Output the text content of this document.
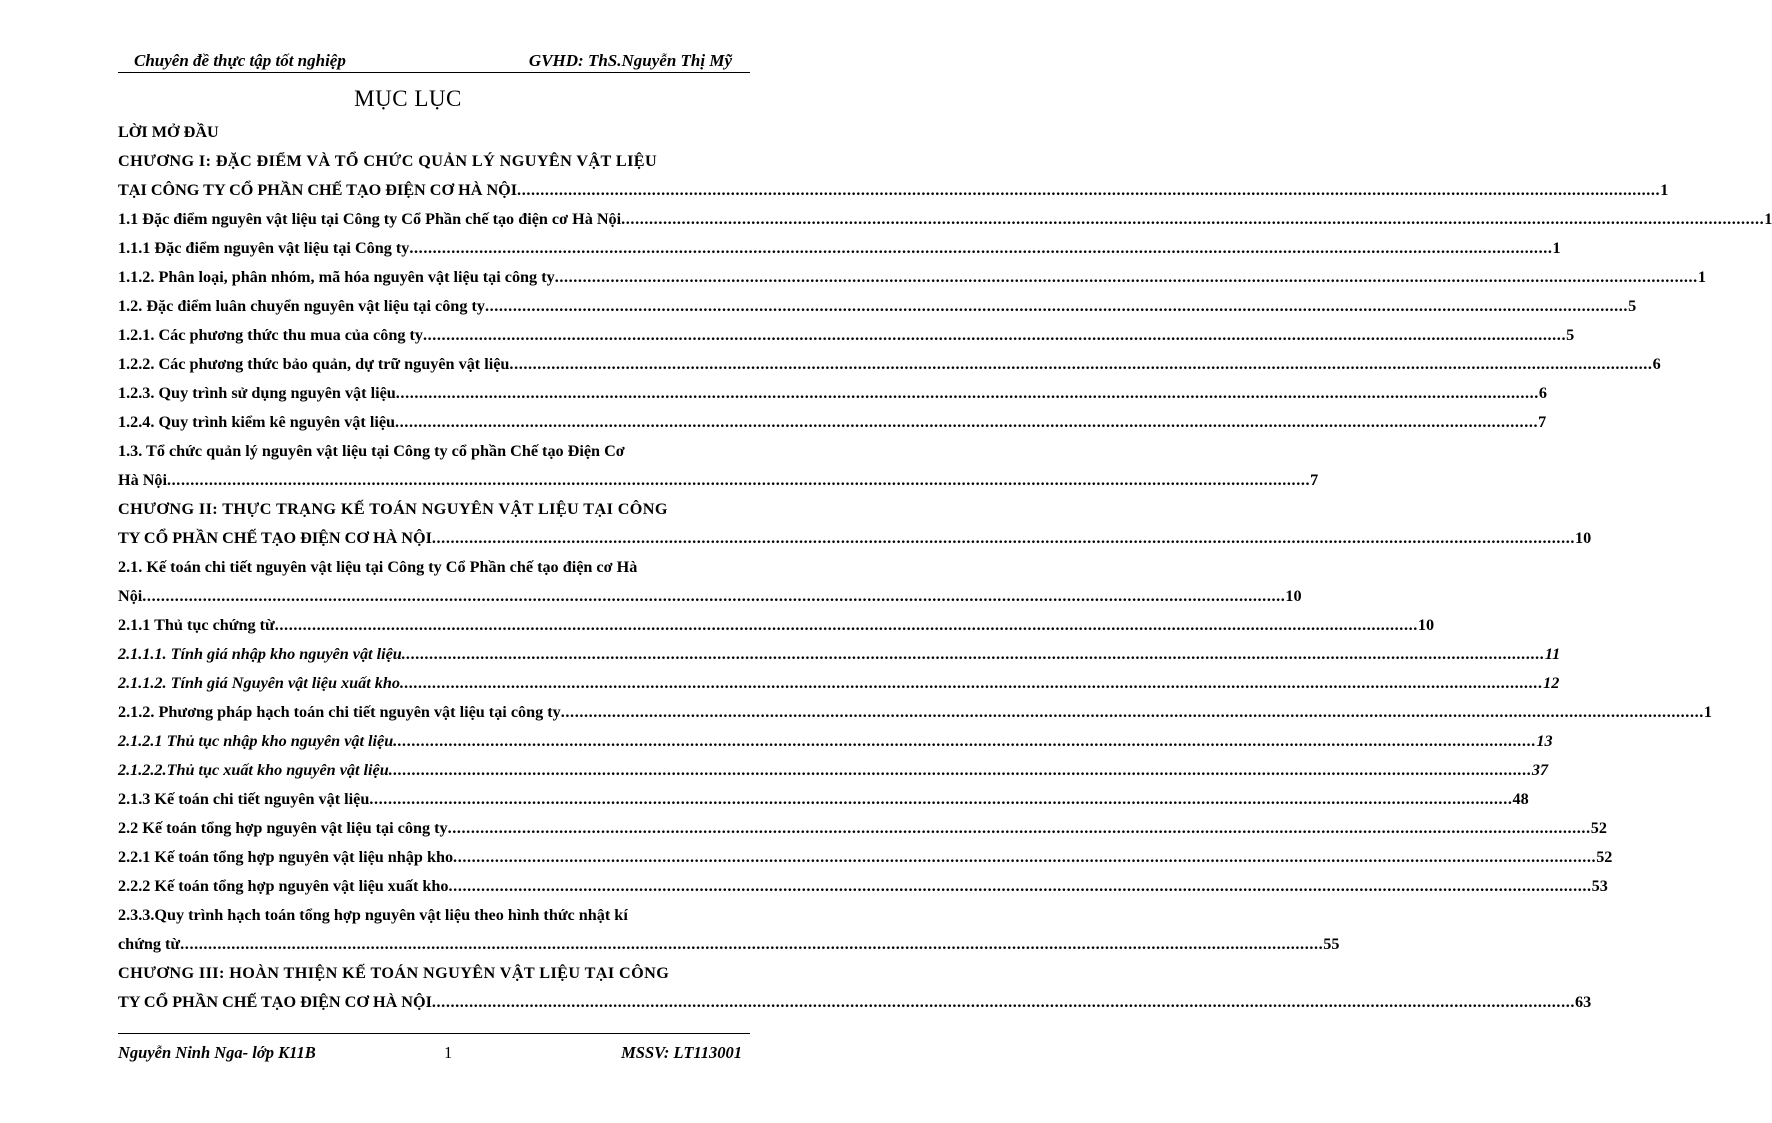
Chuyên đề thực tập tốt nghiệp	GVHD: ThS.Nguyễn Thị Mỹ
MỤC LỤC
LỜI MỞ ĐẦU
CHƯƠNG I: ĐẶC ĐIỂM VÀ TỔ CHỨC QUẢN LÝ NGUYÊN VẬT LIỆU
TẠI CÔNG TY CỔ PHẦN CHẾ TẠO ĐIỆN CƠ HÀ NỘI .....	1
1.1 Đặc điểm nguyên vật liệu tại Công ty Cổ Phần chế tạo điện cơ Hà Nội .....	1
1.1.1 Đặc điểm nguyên vật liệu tại Công ty .....	1
1.1.2. Phân loại, phân nhóm, mã hóa nguyên vật liệu tại công ty .....	1
1.2. Đặc điểm luân chuyển nguyên vật liệu tại công ty .....	5
1.2.1. Các phương thức thu mua của công ty .....	5
1.2.2. Các phương thức bảo quản, dự trữ nguyên vật liệu .....	6
1.2.3. Quy trình sử dụng nguyên vật liệu .....	6
1.2.4. Quy trình kiểm kê nguyên vật liệu .....	7
1.3. Tổ chức quản lý nguyên vật liệu tại Công ty cổ phần Chế tạo Điện Cơ
Hà Nội .....	7
CHƯƠNG II: THỰC TRẠNG KẾ TOÁN NGUYÊN VẬT LIỆU TẠI CÔNG
TY CỔ PHẦN CHẾ TẠO ĐIỆN CƠ HÀ NỘI .....	10
2.1. Kế toán chi tiết nguyên vật liệu tại Công ty Cổ Phần chế tạo điện cơ Hà
Nội .....	10
2.1.1 Thủ tục chứng từ .....	10
2.1.1.1. Tính giá nhập kho nguyên vật liệu .....	11
2.1.1.2. Tính giá Nguyên vật liệu xuất kho .....	12
2.1.2. Phương pháp hạch toán chi tiết nguyên vật liệu tại công ty .....	1
2.1.2.1 Thủ tục nhập kho nguyên vật liệu .....	13
2.1.2.2.Thủ tục xuất kho nguyên vật liệu .....	37
2.1.3 Kế toán chi tiết nguyên vật liệu .....	48
2.2 Kế toán tổng hợp nguyên vật liệu tại công ty .....	52
2.2.1 Kế toán tổng hợp nguyên vật liệu nhập kho .....	52
2.2.2 Kế toán tổng hợp nguyên vật liệu xuất kho .....	53
2.3.3.Quy trình hạch toán tổng hợp nguyên vật liệu theo hình thức nhật kí
chứng từ .....	55
CHƯƠNG III: HOÀN THIỆN KẾ TOÁN NGUYÊN VẬT LIỆU TẠI CÔNG
TY CỔ PHẦN CHẾ TẠO ĐIỆN CƠ HÀ NỘI .....	63
Nguyễn Ninh Nga- lớp K11B	1	MSSV: LT113001
